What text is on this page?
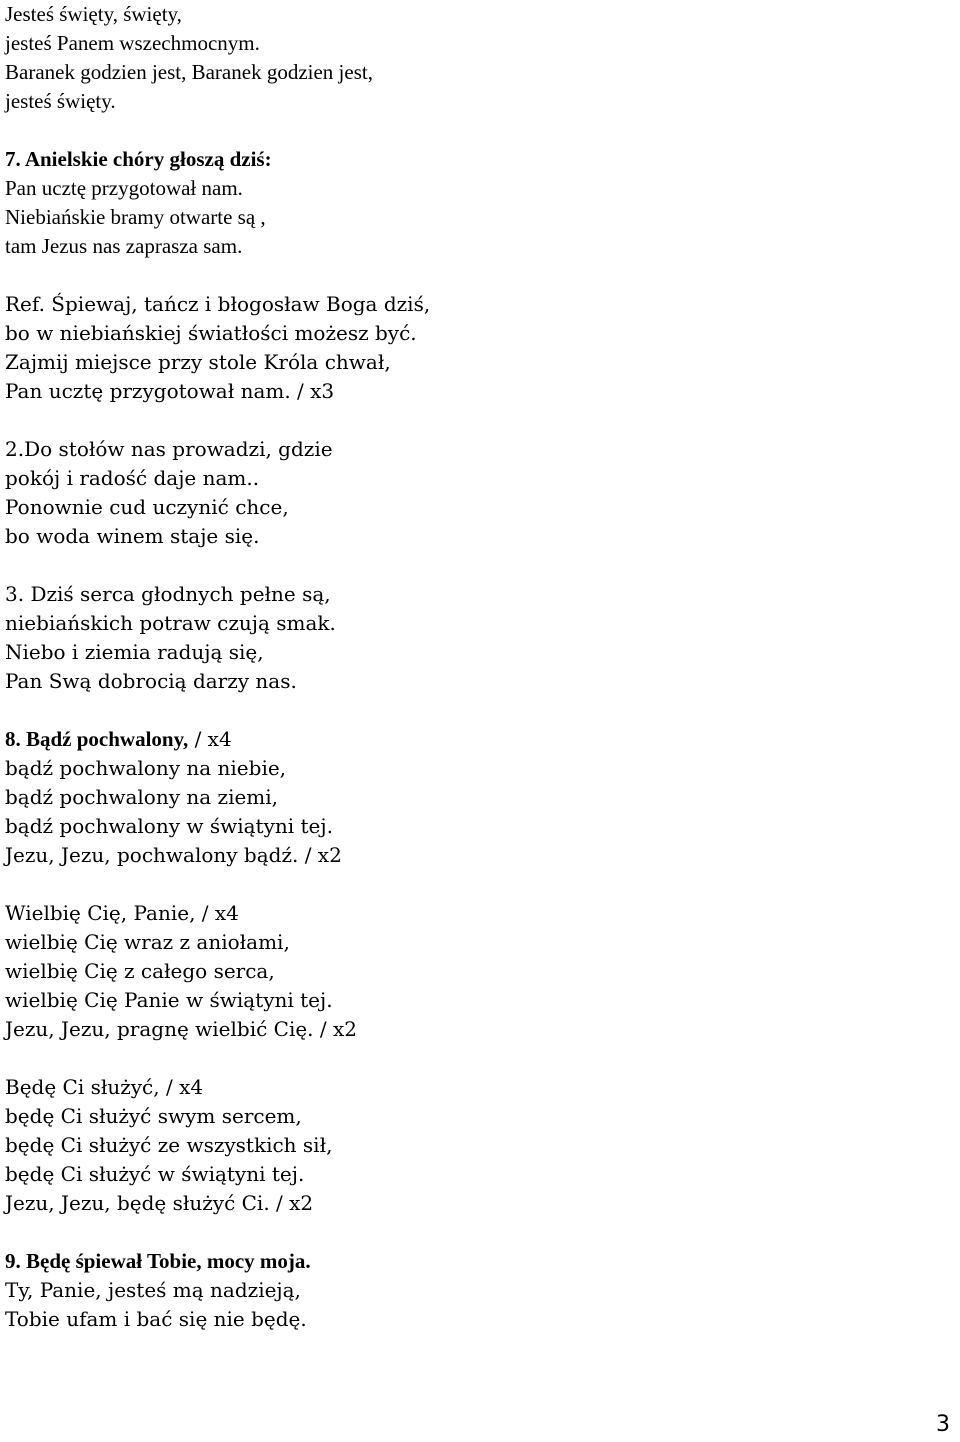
Jesteś święty, święty,
jesteś Panem wszechmocnym.
Baranek godzien jest, Baranek godzien jest,
jesteś święty.
7. Anielskie chóry głoszą dziś:
Pan ucztę przygotował nam.
Niebiańskie bramy otwarte są ,
tam Jezus nas zaprasza sam.
Ref. Śpiewaj, tańcz i błogosław Boga dziś,
bo w niebiańskiej światłości możesz być.
Zajmij miejsce przy stole Króla chwał,
Pan ucztę przygotował nam. / x3
2.Do stołów nas prowadzi, gdzie
pokój i radość daje nam..
Ponownie cud uczynić chce,
bo woda winem staje się.
3. Dziś serca głodnych pełne są,
niebiańskich potraw czują smak.
Niebo i ziemia radują się,
Pan Swą dobrocią darzy nas.
8. Bądź pochwalony, / x4
bądź pochwalony na niebie,
bądź pochwalony na ziemi,
bądź pochwalony w świątyni tej.
Jezu, Jezu, pochwalony bądź. / x2
Wielbię Cię, Panie, / x4
wielbię Cię wraz z aniołami,
wielbię Cię z całego serca,
wielbię Cię Panie w świątyni tej.
Jezu, Jezu, pragnę wielbić Cię. / x2
Będę Ci służyć, / x4
będę Ci służyć swym sercem,
będę Ci służyć ze wszystkich sił,
będę Ci służyć w świątyni tej.
Jezu, Jezu, będę służyć Ci. / x2
9. Będę śpiewał Tobie, mocy moja.
Ty, Panie, jesteś mą nadzieją,
Tobie ufam i bać się nie będę.
3
